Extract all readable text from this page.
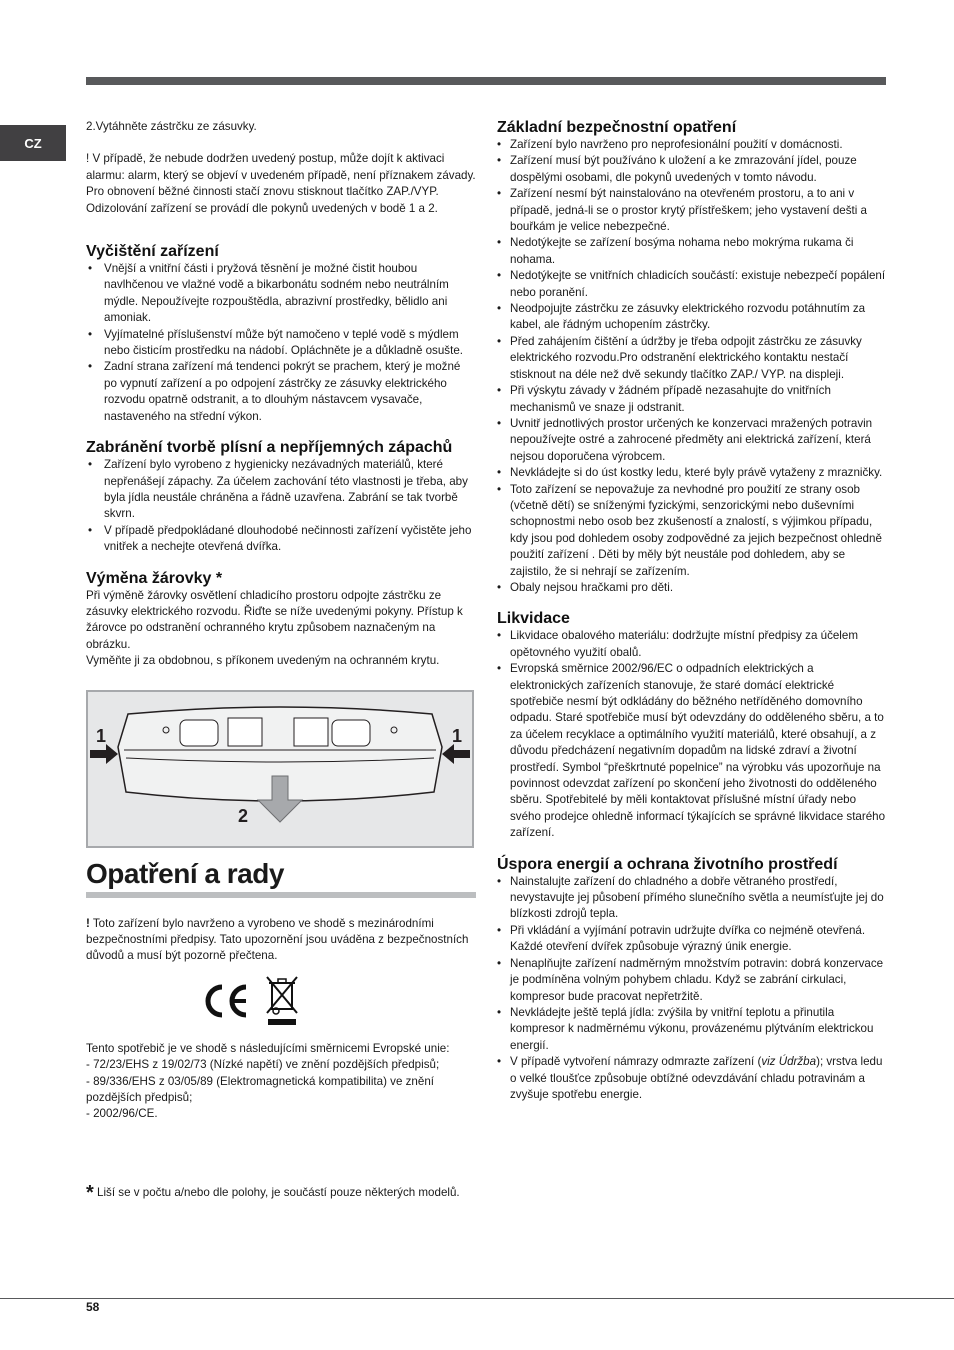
CZ

2.Vytáhněte zástrčku ze zásuvky.

! V případě, že nebude dodržen uvedený postup, může dojít k aktivaci alarmu: alarm, který se objeví v uvedeném případě, není příznakem závady. Pro obnovení běžné činnosti stačí znovu stisknout tlačítko ZAP./VYP. Odizolování zařízení se provádí dle pokynů uvedených v bodě 1 a 2.

Vyčištění zařízení
• Vnější a vnitřní části i pryžová těsnění je možné čistit houbou navlhčenou ve vlažné vodě a bikarbonátu sodném nebo neutrálním mýdle. Nepoužívejte rozpouštědla, abrazivní prostředky, bělidlo ani amoniak.
• Vyjímatelné příslušenství může být namočeno v teplé vodě s mýdlem nebo čisticím prostředku na nádobí. Opláchněte je a důkladně osušte.
• Zadní strana zařízení má tendenci pokrýt se prachem, který je možné po vypnutí zařízení a po odpojení zástrčky ze zásuvky elektrického rozvodu opatrně odstranit, a to dlouhým nástavcem vysavače, nastaveného na střední výkon.
Zabránění tvorbě plísní a nepříjemných zápachů
• Zařízení bylo vyrobeno z hygienicky nezávadných materiálů, které nepřenášejí zápachy. Za účelem zachování této vlastnosti je třeba, aby byla jídla neustále chráněna a řádně uzavřena. Zabrání se tak tvorbě skvrn.
• V případě předpokládané dlouhodobé nečinnosti zařízení vyčistěte jeho vnitřek a nechejte otevřená dvířka.
Výměna žárovky *

Při výměně žárovky osvětlení chladicího prostoru odpojte zástrčku ze zásuvky elektrického rozvodu. Řiďte se níže uvedenými pokyny. Přístup k žárovce po odstranění ochranného krytu způsobem naznačeným na obrázku.

Vyměňte ji za obdobnou, s příkonem uvedeným na ochranném krytu.

1	1
2
Opatření a rady

! Toto zařízení bylo navrženo a vyrobeno ve shodě s mezinárodními bezpečnostními předpisy. Tato upozornění jsou uváděna z bezpečnostních důvodů a musí být pozorně přečtena.

Tento spotřebič je ve shodě s následujícími směrnicemi Evropské unie:

- 72/23/EHS z 19/02/73 (Nízké napětí) ve znění pozdějších předpisů;

- 89/336/EHS z 03/05/89 (Elektromagnetická kompatibilita) ve znění pozdějších předpisů;

- 2002/96/CE.

* Liší se v počtu a/nebo dle polohy, je součástí pouze některých modelů.

Základní bezpečnostní opatření
• Zařízení bylo navrženo pro neprofesionální použití v domácnosti.
• Zařízení musí být používáno k uložení a ke zmrazování jídel, pouze dospělými osobami, dle pokynů uvedených v tomto návodu.
• Zařízení nesmí být nainstalováno na otevřeném prostoru, a to ani v případě, jedná-li se o prostor krytý přístřeškem; jeho vystavení dešti a bouřkám je velice nebezpečné.
• Nedotýkejte se zařízení bosýma nohama nebo mokrýma rukama či nohama.
• Nedotýkejte se vnitřních chladicích součástí: existuje nebezpečí popálení nebo poranění.
• Neodpojujte zástrčku ze zásuvky elektrického rozvodu potáhnutím za kabel, ale řádným uchopením zástrčky.
• Před zahájením čištění a údržby je třeba odpojit zástrčku ze zásuvky elektrického rozvodu.Pro odstranění elektrického kontaktu nestačí stisknout na déle než dvě sekundy tlačítko ZAP./ VYP. na displeji.
• Při výskytu závady v žádném případě nezasahujte do vnitřních mechanismů ve snaze ji odstranit.
• Uvnitř jednotlivých prostor určených ke konzervaci mražených potravin nepoužívejte ostré a zahrocené předměty ani elektrická zařízení, která nejsou doporučena výrobcem.
• Nevkládejte si do úst kostky ledu, které byly právě vytaženy z mrazničky.
• Toto zařízení se nepovažuje za nevhodné pro použití ze strany osob (včetně dětí) se sníženými fyzickými, senzorickými nebo duševními schopnostmi nebo osob bez zkušeností a znalostí, s výjimkou případu, kdy jsou pod dohledem osoby zodpovědné za jejich bezpečnost ohledně použití zařízení . Děti by měly být neustále pod dohledem, aby se zajistilo, že si nehrají se zařízením.
• Obaly nejsou hračkami pro děti.
Likvidace
• Likvidace obalového materiálu: dodržujte místní předpisy za účelem opětovného využití obalů.
• Evropská směrnice 2002/96/EC o odpadních elektrických a elektronických zařízeních stanovuje, že staré domácí elektrické spotřebiče nesmí být odkládány do běžného netříděného domovního odpadu. Staré spotřebiče musí být odevzdány do odděleného sběru, a to za účelem recyklace a optimálního využití materiálů, které obsahují, a z důvodu předcházení negativním dopadům na lidské zdraví a životní prostředí. Symbol “přeškrtnuté popelnice” na výrobku vás upozorňuje na povinnost odevzdat zařízení po skončení jeho životnosti do odděleného sběru. Spotřebitelé by měli kontaktovat příslušné místní úřady nebo svého prodejce ohledně informací týkajících se správné likvidace starého zařízení.
Úspora energií a ochrana životního prostředí
• Nainstalujte zařízení do chladného a dobře větraného prostředí, nevystavujte jej působení přímého slunečního světla a neumísťujte jej do blízkosti zdrojů tepla.
• Při vkládání a vyjímání potravin udržujte dvířka co nejméně otevřená.
Každé otevření dvířek způsobuje výrazný únik energie.
• Nenaplňujte zařízení nadměrným množstvím potravin: dobrá konzervace je podmíněna volným pohybem chladu. Když se zabrání cirkulaci, kompresor bude pracovat nepřetržitě.
• Nevkládejte ještě teplá jídla: zvýšila by vnitřní teplotu a přinutila kompresor k nadměrnému výkonu, provázenému plýtváním elektrickou energií.
• V případě vytvoření námrazy odmrazte zařízení (viz Údržba); vrstva ledu o velké tloušťce způsobuje obtížné odevzdávání chladu potravinám a zvyšuje spotřebu energie.
58
